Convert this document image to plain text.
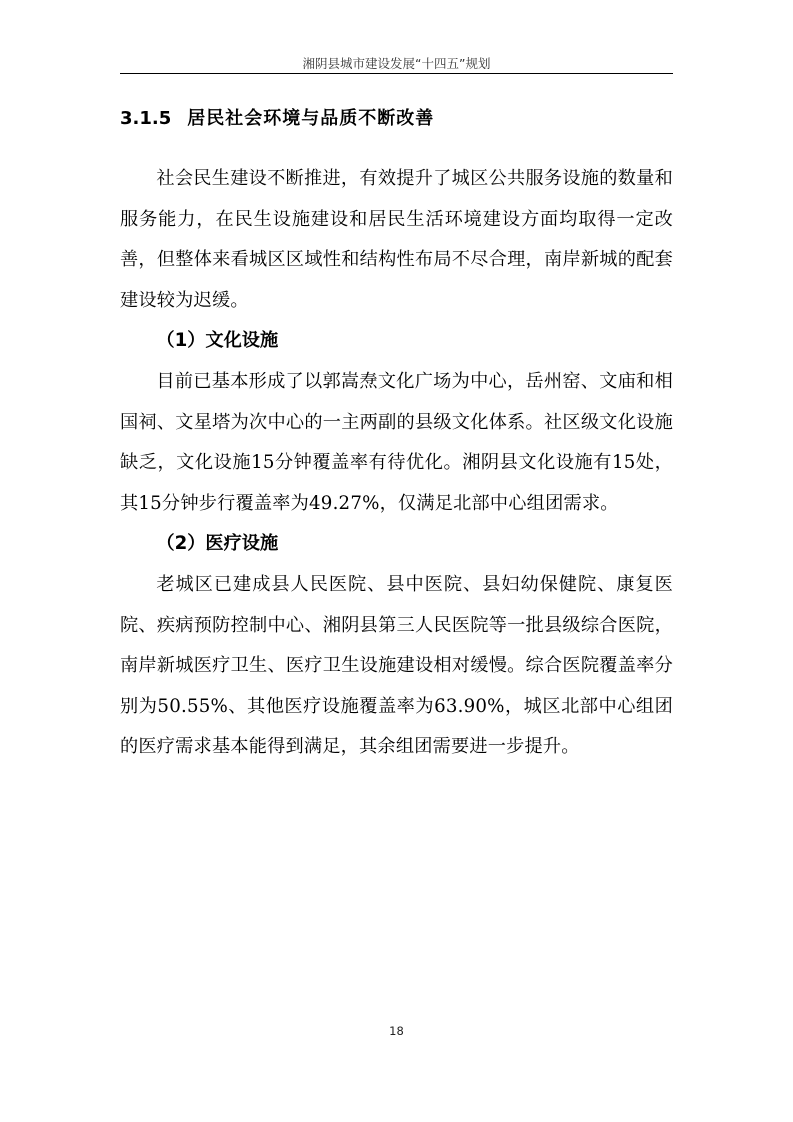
湘阴县城市建设发展“十四五”规划
3.1.5 居民社会环境与品质不断改善

社会民生建设不断推进，有效提升了城区公共服务设施的数量和服务能力，在民生设施建设和居民生活环境建设方面均取得一定改善，但整体来看城区区域性和结构性布局不尽合理，南岸新城的配套建设较为迟缓。

（1）文化设施

目前已基本形成了以郭嵩焘文化广场为中心，岳州窑、文庙和相国祠、文星塔为次中心的一主两副的县级文化体系。社区级文化设施缺乏，文化设施15分钟覆盖率有待优化。湘阴县文化设施有15处，其15分钟步行覆盖率为49.27%，仅满足北部中心组团需求。

（2）医疗设施

老城区已建成县人民医院、县中医院、县妇幼保健院、康复医院、疾病预防控制中心、湘阴县第三人民医院等一批县级综合医院，南岸新城医疗卫生、医疗卫生设施建设相对缓慢。综合医院覆盖率分别为50.55%、其他医疗设施覆盖率为63.90%，城区北部中心组团的医疗需求基本能得到满足，其余组团需要进一步提升。

18
